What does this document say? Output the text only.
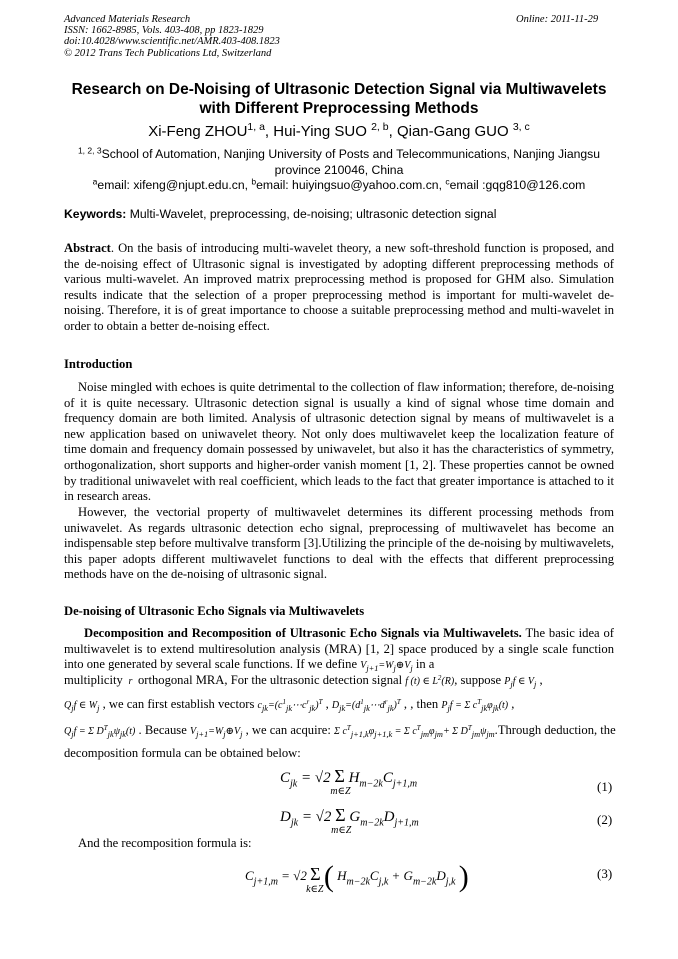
Advanced Materials Research
ISSN: 1662-8985, Vols. 403-408, pp 1823-1829
doi:10.4028/www.scientific.net/AMR.403-408.1823
© 2012 Trans Tech Publications Ltd, Switzerland
Online: 2011-11-29
Research on De-Noising of Ultrasonic Detection Signal via Multiwavelets
with Different Preprocessing Methods
Xi-Feng ZHOU$^{1, a}$, Hui-Ying SUO $^{2, b}$, Qian-Gang GUO $^{3, c}$
$^{1, 2, 3}$School of Automation, Nanjing University of Posts and Telecommunications, Nanjing Jiangsu
province 210046, China
$^a$email: xifeng@njupt.edu.cn, $^b$email: huiyingsuo@yahoo.com.cn, $^c$email :gqg810@126.com
Keywords: Multi-Wavelet, preprocessing, de-noising; ultrasonic detection signal
Abstract. On the basis of introducing multi-wavelet theory, a new soft-threshold function is proposed, and the de-noising effect of Ultrasonic signal is investigated by adopting different preprocessing methods of various multi-wavelet. An improved matrix preprocessing method is proposed for GHM also. Simulation results indicate that the selection of a proper preprocessing method is important for multi-wavelet de-noising. Therefore, it is of great importance to choose a suitable preprocessing method and multi-wavelet in order to obtain a better de-noising effect.
Introduction
Noise mingled with echoes is quite detrimental to the collection of flaw information; therefore, de-noising of it is quite necessary. Ultrasonic detection signal is usually a kind of signal whose time domain and frequency domain are both limited. Analysis of ultrasonic detection signal by means of multiwavelet is a new application based on uniwavelet theory. Not only does multiwavelet keep the localization feature of time domain and frequency domain possessed by uniwavelet, but also it has the characteristics of symmetry, orthogonalization, short supports and higher-order vanish moment [1, 2]. These properties cannot be owned by traditional uniwavelet with real coefficient, which leads to the fact that greater importance is attached to it in research areas.
However, the vectorial property of multiwavelet determines its different processing methods from uniwavelet. As regards ultrasonic detection echo signal, preprocessing of multiwavelet has become an indispensable step before multivalve transform [3].Utilizing the principle of the de-noising by multiwavelets, this paper adopts different multiwavelet functions to deal with the effects that different preprocessing methods have on the de-noising of ultrasonic signal.
De-noising of Ultrasonic Echo Signals via Multiwavelets
Decomposition and Recomposition of Ultrasonic Echo Signals via Multiwavelets. The basic idea of multiwavelet is to extend multiresolution analysis (MRA) [1, 2] space produced by a single scale function into one generated by several scale functions. If we define $V_{j+1}=W_j\oplus V_j$ in a
multiplicity  r  orthogonal MRA, For the ultrasonic detection signal f (t) ∈ $L^2(R)$, suppose $P_jf$ ∈ $V_j$ ,
$Q_jf$ ∈ $W_j$ , we can first establish vectors $c_{jk}=(c^1_{jk}\cdots c^r_{jk})^T$ , $D_{jk}=(d^1_{jk}\cdots d^r_{jk})^T$ , , then $P_jf = \Sigma$ $c^T_{jk}\varphi_{jk}(t)$ ,
$Q_jf = \Sigma$ $D^T_{jk}\psi_{jk}(t)$ . Because $V_{j+1}=W_j\oplus V_j$ , we can acquire: Σ $c^T_{j+1,k}\varphi_{j+1,k} = \Sigma$ $c^T_{jm}\varphi_{jm}+ \Sigma$ $D^T_{jm}\psi_{jm}.Through$ deduction, the
decomposition formula can be obtained below:
$C_{jk} = √2$ Σ
m∈Z
$H_{m-2k}C_{j+1,m}$	(1)
$D_{jk} = √2$ Σ
m∈Z
$G_{m-2k}D_{j+1,m}$	(2)
And the recomposition formula is:
$C_{j+1,m} = √2$ Σ
k∈Z ( $H_{m-2k}C_{j,k} + G_{m-2k}D_{j,k}$ )	(3)
